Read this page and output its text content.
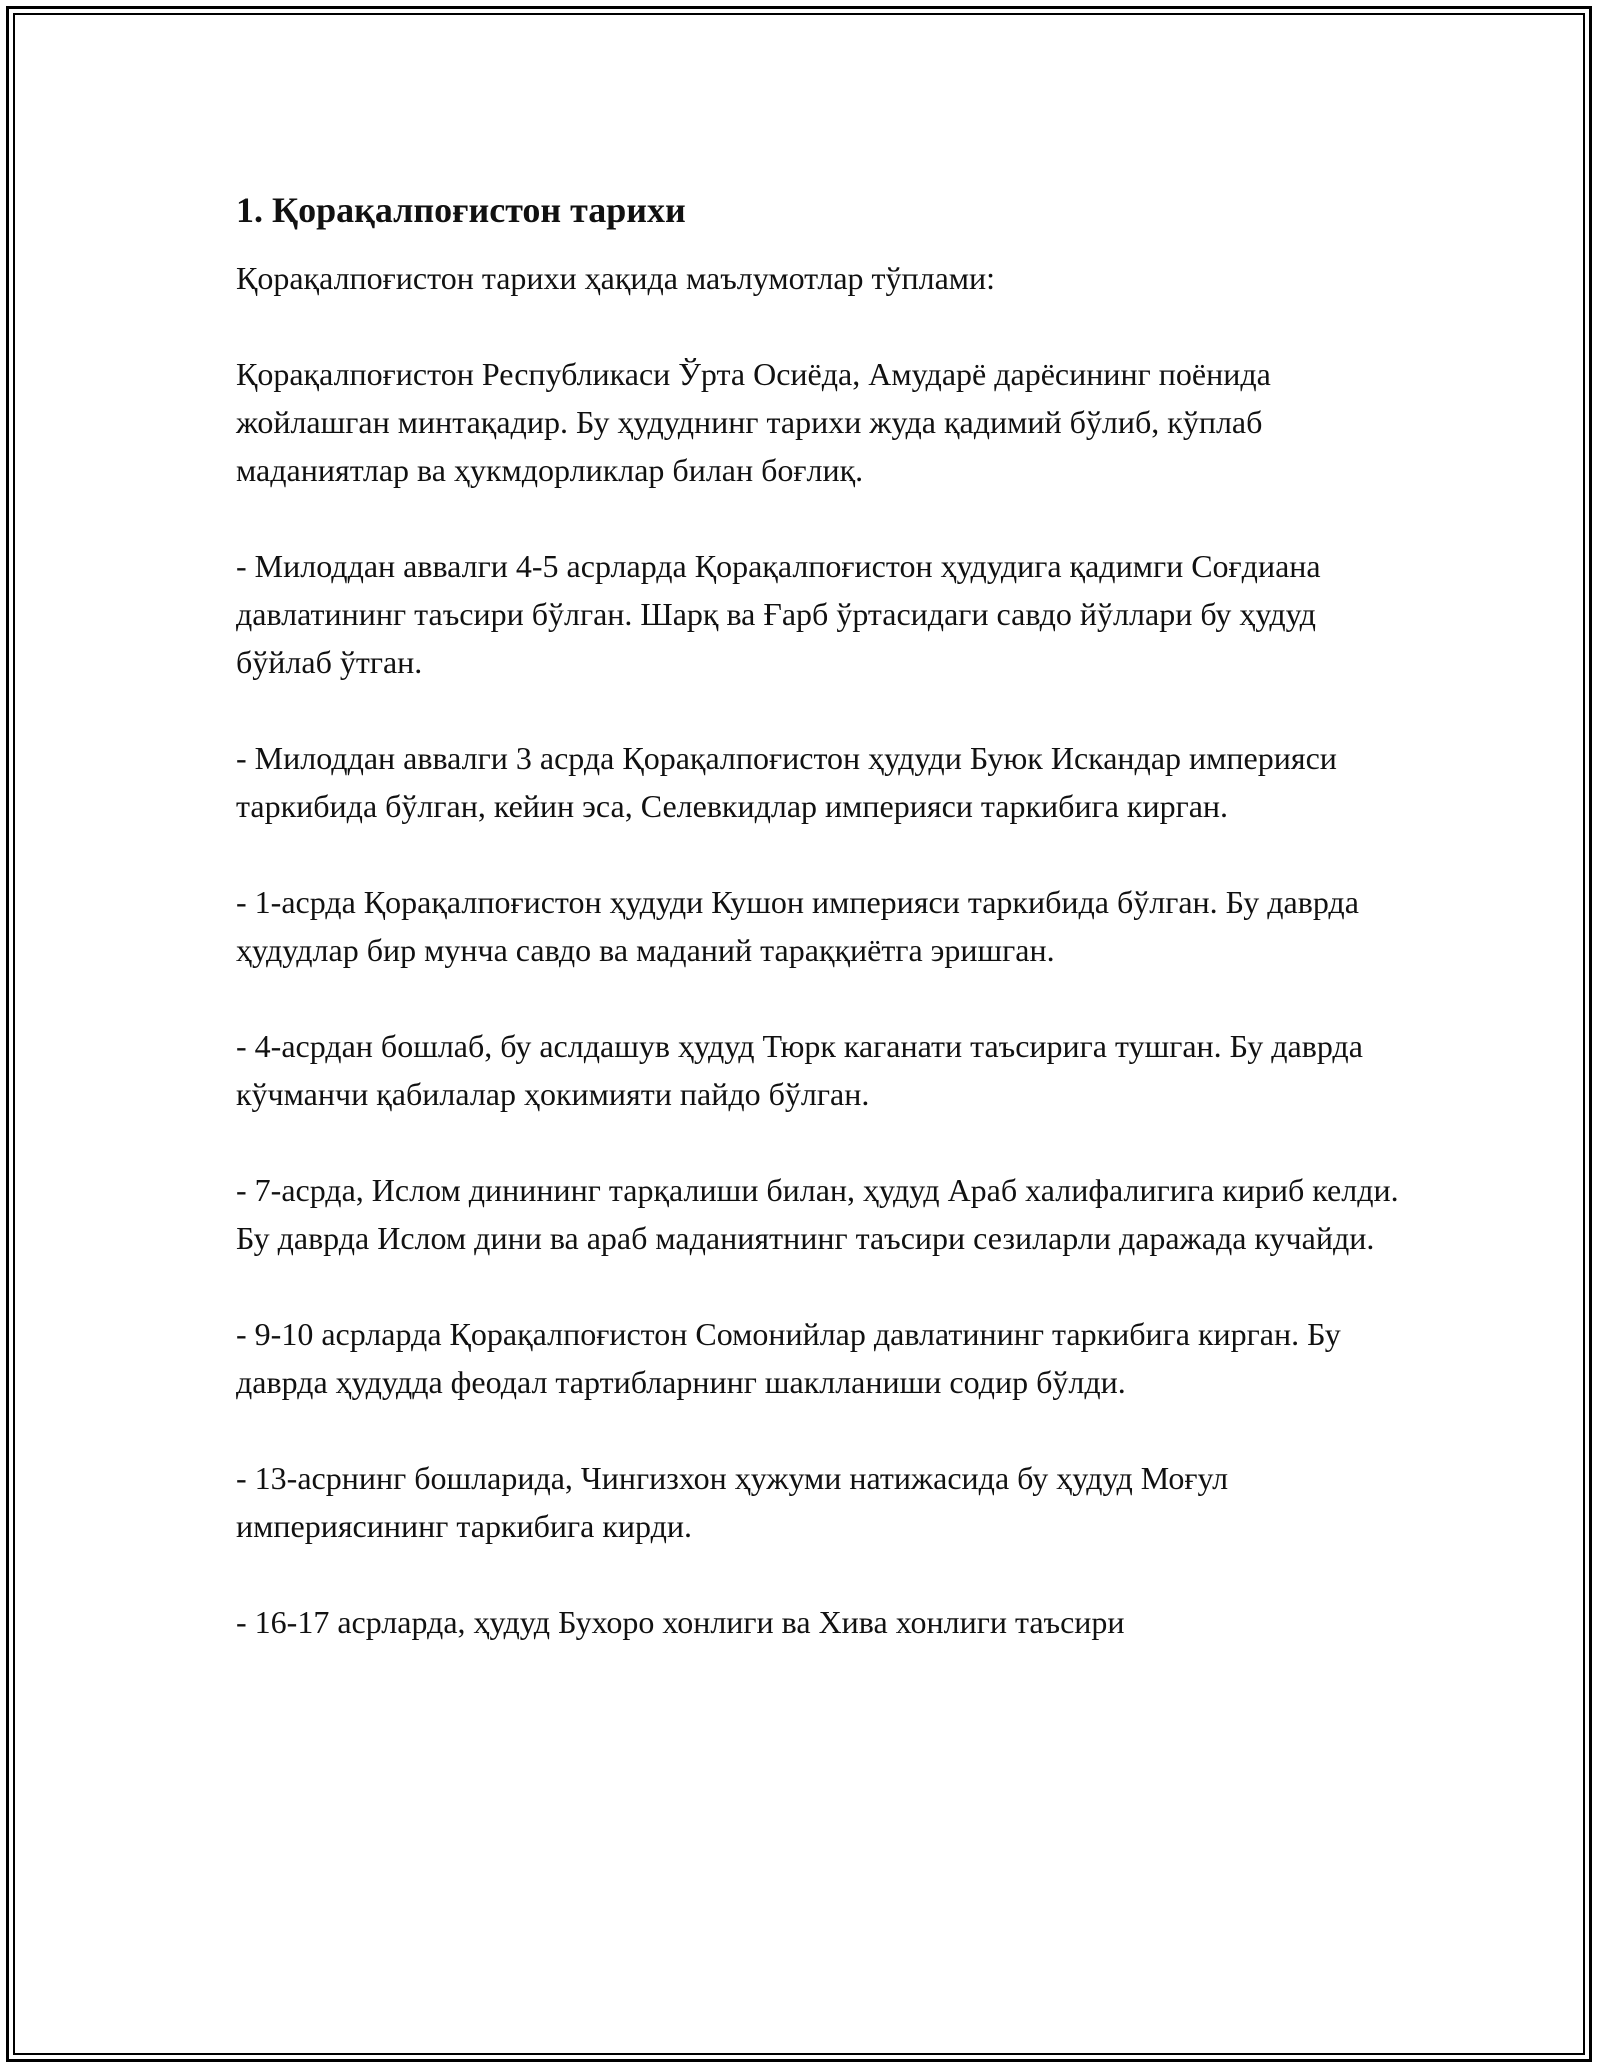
1. Қорақалпоғистон тарихи

Қорақалпоғистон тарихи ҳақида маълумотлар тўплами:

Қорақалпоғистон Республикаси Ўрта Осиёда, Амударё дарёсининг поёнида жойлашган минтақадир. Бу ҳудуднинг тарихи жуда қадимий бўлиб, кўплаб маданиятлар ва ҳукмдорликлар билан боғлиқ.

- Милоддан аввалги 4-5 асрларда Қорақалпоғистон ҳудудига қадимги Соғдиана давлатининг таъсири бўлган. Шарқ ва Ғарб ўртасидаги савдо йўллари бу ҳудуд бўйлаб ўтган.

- Милоддан аввалги 3 асрда Қорақалпоғистон ҳудуди Буюк Искандар империяси таркибида бўлган, кейин эса, Селевкидлар империяси таркибига кирган.

- 1-асрда Қорақалпоғистон ҳудуди Кушон империяси таркибида бўлган. Бу даврда ҳудудлар бир мунча савдо ва маданий тараққиётга эришган.

- 4-асрдан бошлаб, бу аслдашув ҳудуд Тюрк каганати таъсирига тушган. Бу даврда кўчманчи қабилалар ҳокимияти пайдо бўлган.

- 7-асрда, Ислом динининг тарқалиши билан, ҳудуд Араб халифалигига кириб келди. Бу даврда Ислом дини ва араб маданиятнинг таъсири сезиларли даражада кучайди.

- 9-10 асрларда Қорақалпоғистон Сомонийлар давлатининг таркибига кирган. Бу даврда ҳудудда феодал тартибларнинг шаклланиши содир бўлди.

- 13-асрнинг бошларида, Чингизхон ҳужуми натижасида бу ҳудуд Моғул империясининг таркибига кирди.

- 16-17 асрларда, ҳудуд Бухоро хонлиги ва Хива хонлиги таъсири
